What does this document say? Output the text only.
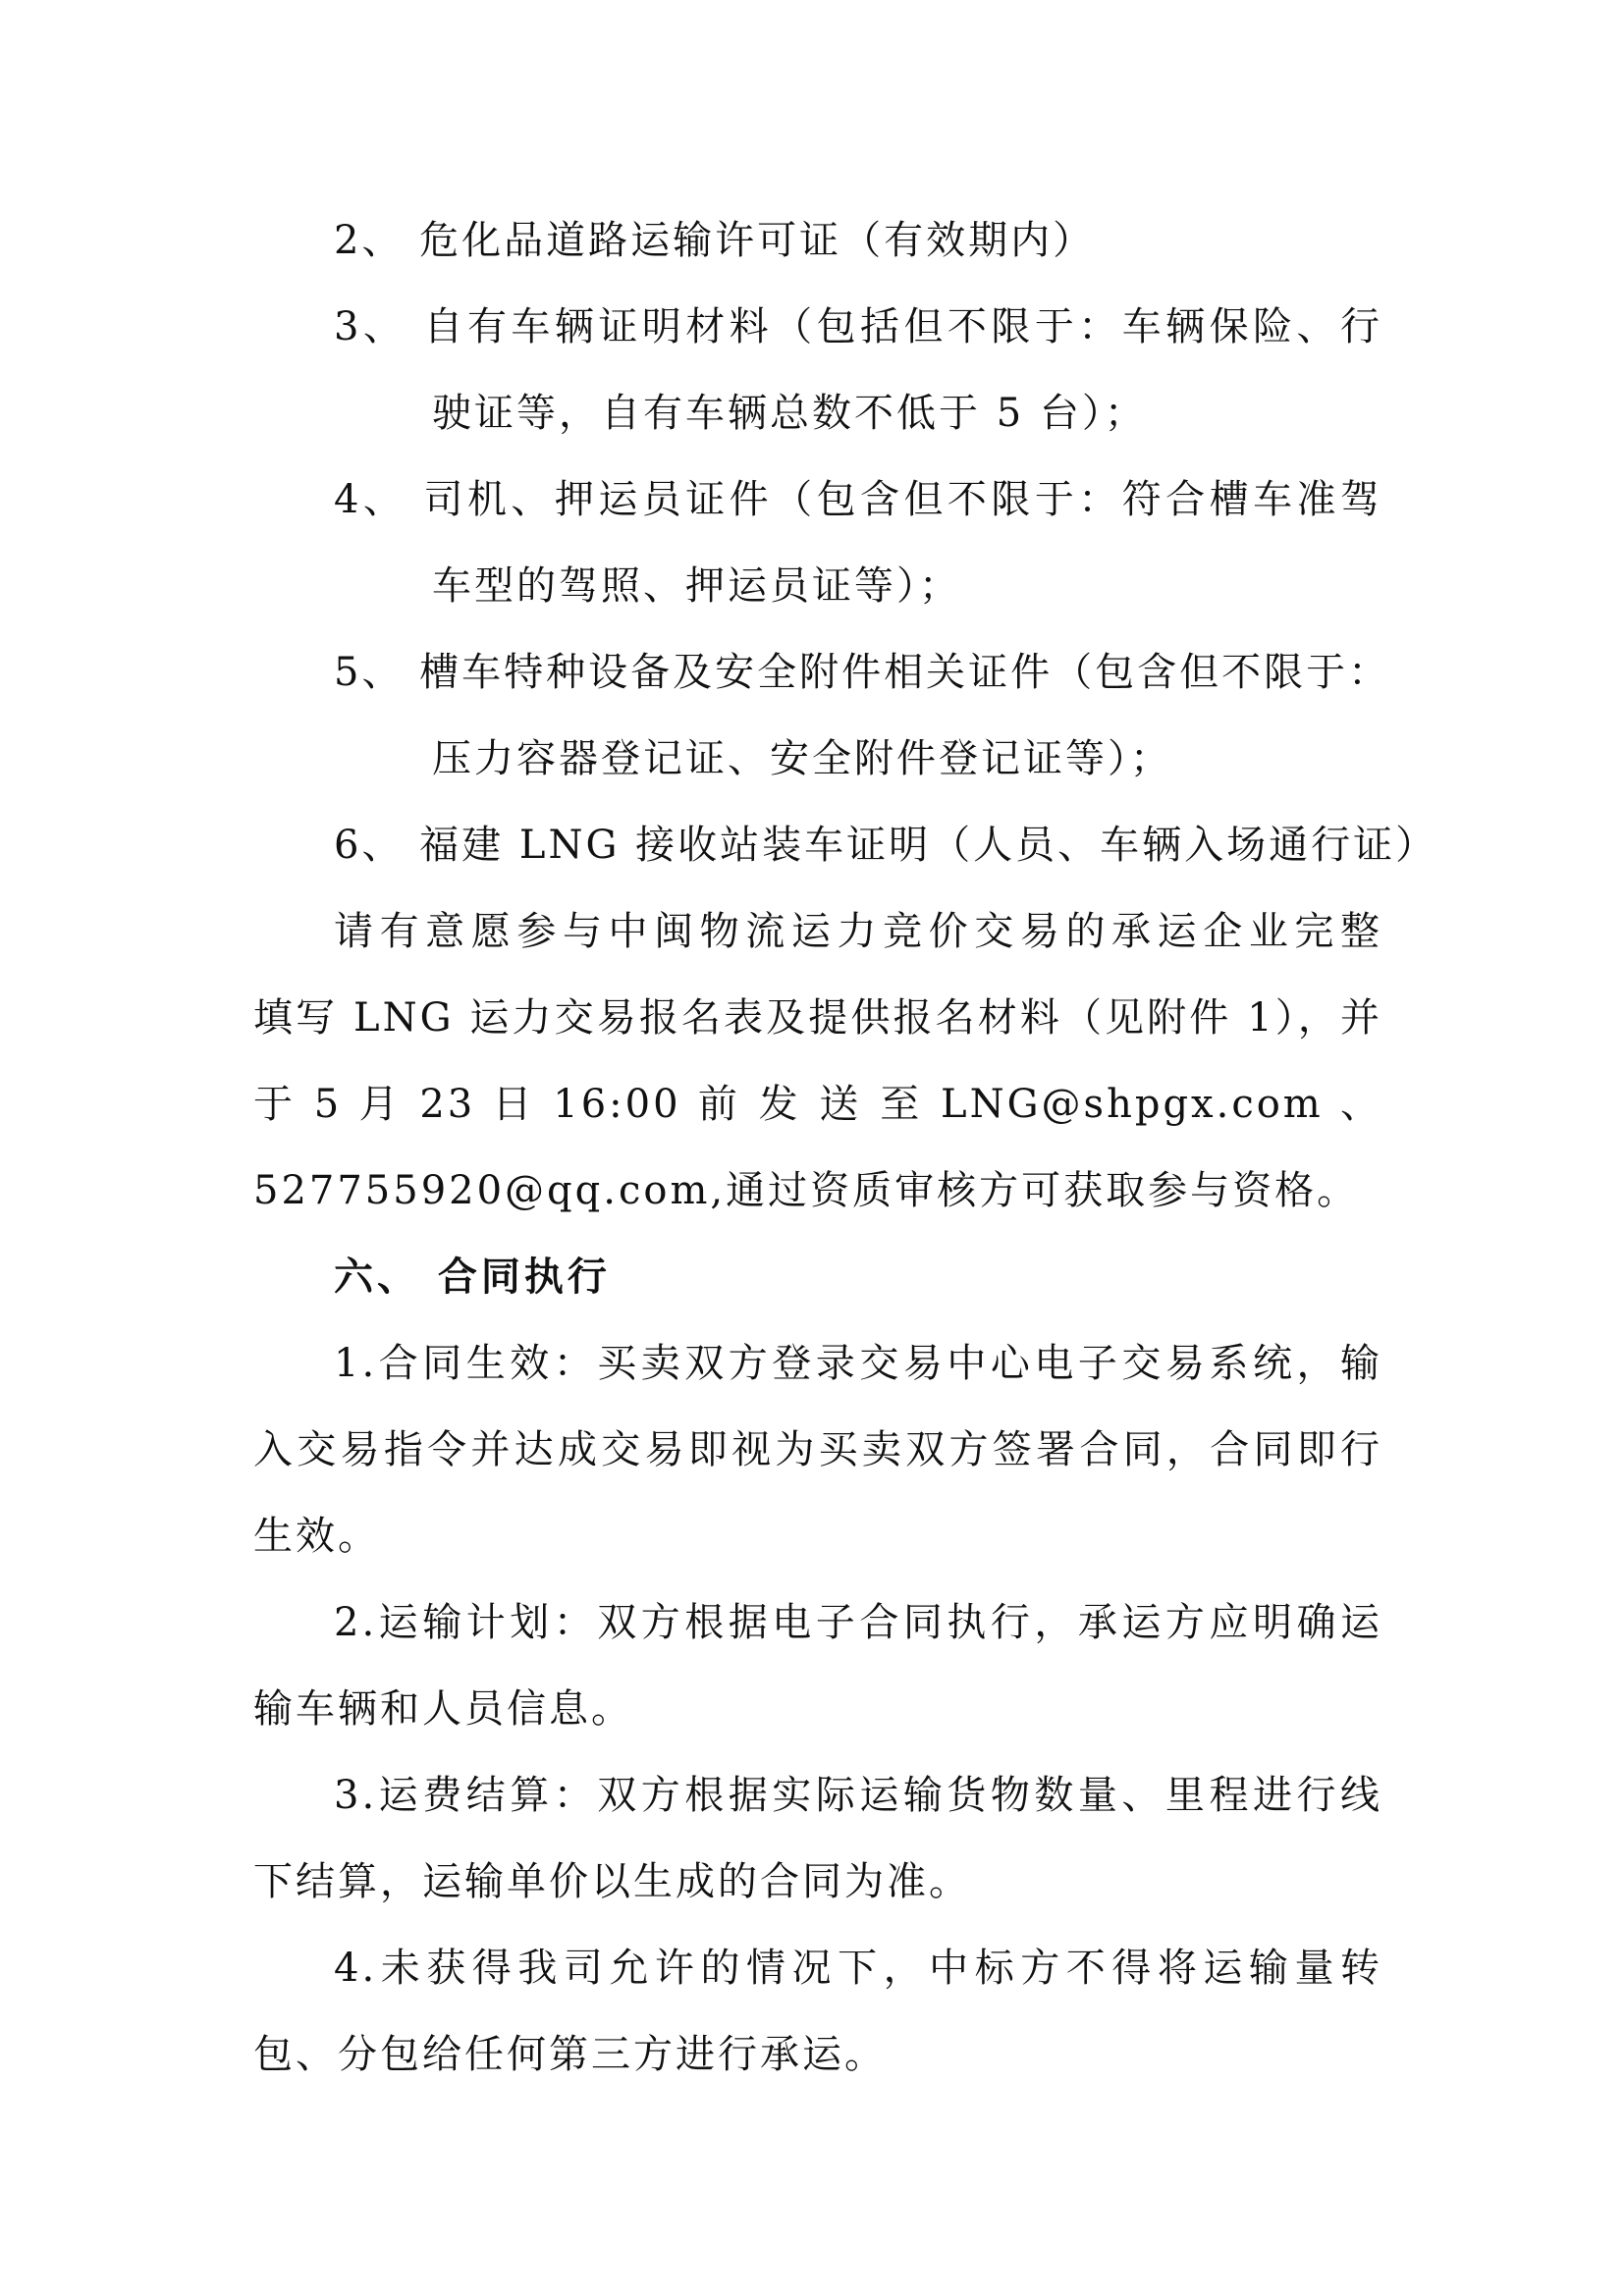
2、 危化品道路运输许可证（有效期内）
3、 自有车辆证明材料（包括但不限于：车辆保险、行
驶证等，自有车辆总数不低于 5 台）；
4、 司机、押运员证件（包含但不限于：符合槽车准驾
车型的驾照、押运员证等）；
5、 槽车特种设备及安全附件相关证件（包含但不限于：
压力容器登记证、安全附件登记证等）；
6、 福建 LNG 接收站装车证明（人员、车辆入场通行证）
请有意愿参与中闽物流运力竞价交易的承运企业完整
填写 LNG 运力交易报名表及提供报名材料（见附件 1），并
于 5 月 23 日 16:00 前 发 送 至 LNG@shpgx.com 、
527755920@qq.com,通过资质审核方可获取参与资格。
六、 合同执行
1.合同生效：买卖双方登录交易中心电子交易系统，输
入交易指令并达成交易即视为买卖双方签署合同，合同即行
生效。
2.运输计划：双方根据电子合同执行，承运方应明确运
输车辆和人员信息。
3.运费结算：双方根据实际运输货物数量、里程进行线
下结算，运输单价以生成的合同为准。
4.未获得我司允许的情况下，中标方不得将运输量转
包、分包给任何第三方进行承运。
